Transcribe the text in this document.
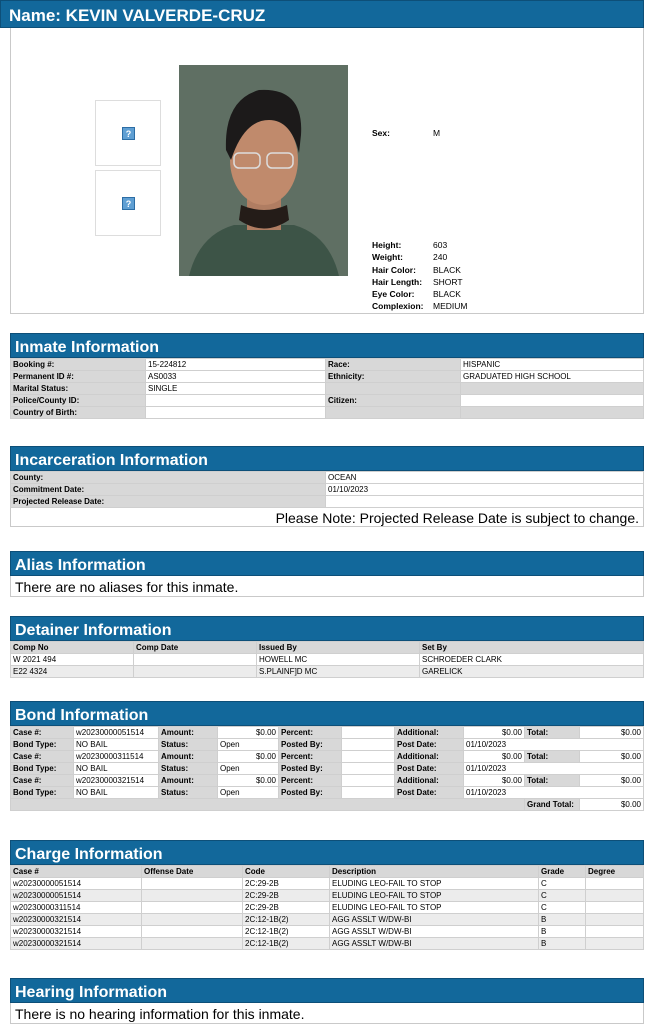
Name: KEVIN VALVERDE-CRUZ
?
?
Sex:	M
Height:	603
Weight:	240
Hair Color: BLACK
Hair Length: SHORT
Eye Color: BLACK
Complexion: MEDIUM
Inmate Information
Booking #:	15-224812	Race:	HISPANIC
Permanent ID #:	AS0033	Ethnicity:	GRADUATED HIGH SCHOOL
Marital Status:	SINGLE		
Police/County ID:		Citizen:	
Country of Birth:			
Incarceration Information
County:	OCEAN
Commitment Date:	01/10/2023
Projected Release Date:	
Please Note: Projected Release Date is subject to change.
Alias Information
There are no aliases for this inmate.
Detainer Information
Comp No	Comp Date	Issued By	Set By
W 2021 494		HOWELL MC	SCHROEDER CLARK
E22 4324		S.PLAINF]D MC	GARELICK
Bond Information
Case #:	w20230000051514	Amount:	$0.00	Percent:		Additional:	$0.00	Total:	$0.00
Bond Type:	NO BAIL	Status:	Open	Posted By:		Post Date:	01/10/2023		
Case #:	w20230000311514	Amount:	$0.00	Percent:		Additional:	$0.00	Total:	$0.00
Bond Type:	NO BAIL	Status:	Open	Posted By:		Post Date:	01/10/2023		
Case #:	w20230000321514	Amount:	$0.00	Percent:		Additional:	$0.00	Total:	$0.00
Bond Type:	NO BAIL	Status:	Open	Posted By:		Post Date:	01/10/2023		
								Grand Total:	$0.00
Charge Information
Case #	Offense Date	Code	Description	Grade	Degree
w20230000051514		2C:29-2B	ELUDING LEO-FAIL TO STOP	C	
w20230000051514		2C:29-2B	ELUDING LEO-FAIL TO STOP	C	
w20230000311514		2C:29-2B	ELUDING LEO-FAIL TO STOP	C	
w20230000321514		2C:12-1B(2)	AGG ASSLT W/DW-BI	B	
w20230000321514		2C:12-1B(2)	AGG ASSLT W/DW-BI	B	
w20230000321514		2C:12-1B(2)	AGG ASSLT W/DW-BI	B	
Hearing Information
There is no hearing information for this inmate.
